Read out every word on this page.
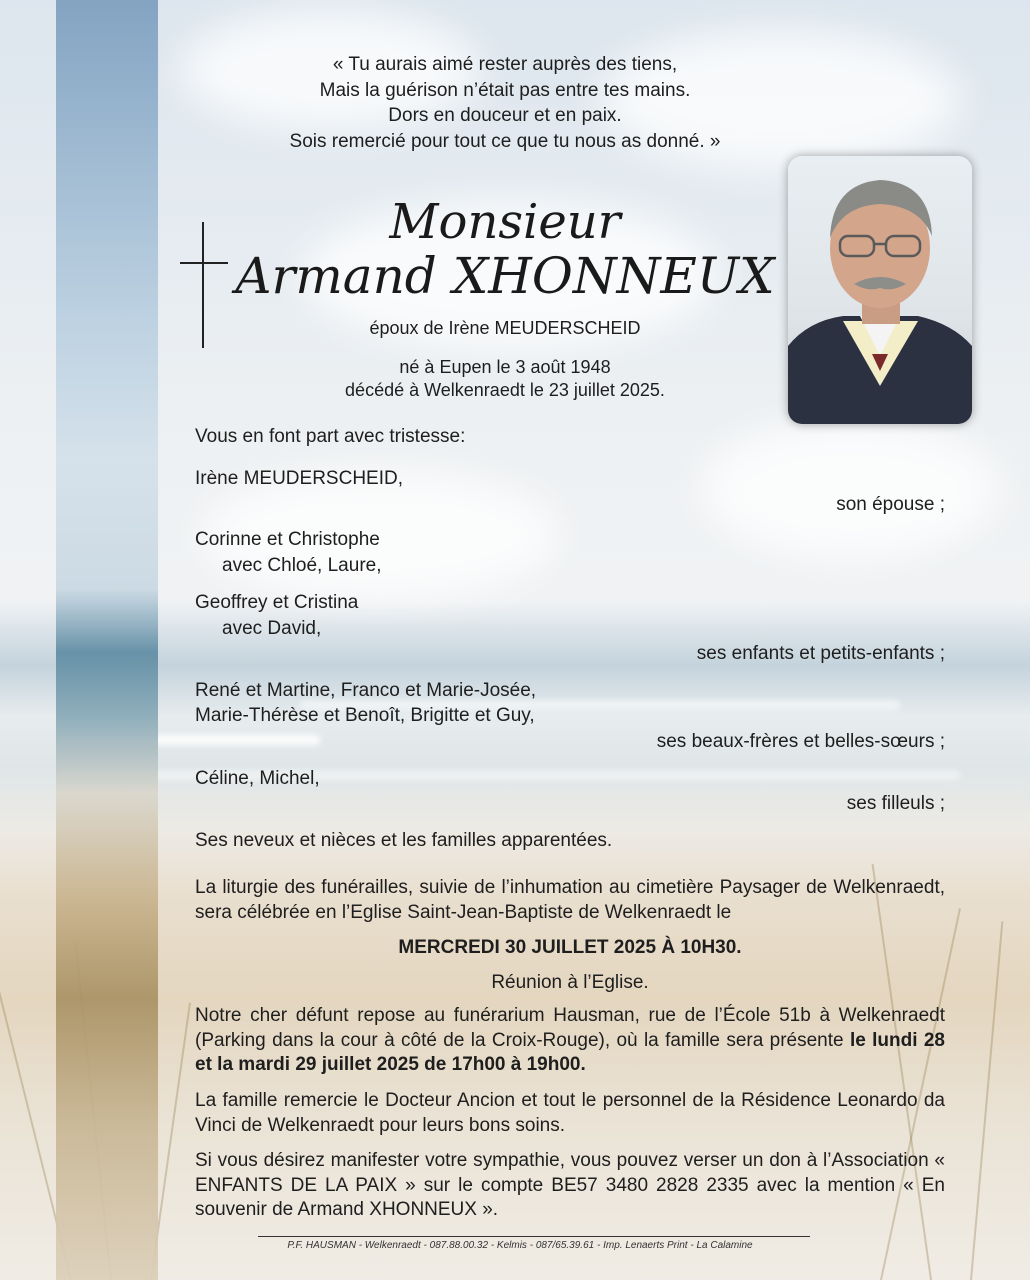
« Tu aurais aimé rester auprès des tiens,
Mais la guérison n’était pas entre tes mains.
Dors en douceur et en paix.
Sois remercié pour tout ce que tu nous as donné. »
Monsieur
Armand XHONNEUX
époux de Irène MEUDERSCHEID
né à Eupen le 3 août 1948
décédé à Welkenraedt le 23 juillet 2025.
Vous en font part avec tristesse:
Irène MEUDERSCHEID,
son épouse ;
Corinne et Christophe
avec Chloé, Laure,
Geoffrey et Cristina
avec David,
ses enfants et petits-enfants ;
René et Martine, Franco et Marie-Josée,
Marie-Thérèse et Benoît, Brigitte et Guy,
ses beaux-frères et belles-sœurs ;
Céline, Michel,
ses filleuls ;
Ses neveux et nièces et les familles apparentées.

La liturgie des funérailles, suivie de l’inhumation au cimetière Paysager de Welkenraedt, sera célébrée en l’Eglise Saint-Jean-Baptiste de Welkenraedt le

MERCREDI 30 JUILLET 2025 À 10H30.
Réunion à l’Eglise.

Notre cher défunt repose au funérarium Hausman, rue de l’École 51b à Welkenraedt (Parking dans la cour à côté de la Croix-Rouge), où la famille sera présente le lundi 28 et la mardi 29 juillet 2025 de 17h00 à 19h00.

La famille remercie le Docteur Ancion et tout le personnel de la Résidence Leonardo da Vinci de Welkenraedt pour leurs bons soins.

Si vous désirez manifester votre sympathie, vous pouvez verser un don à l’Association « ENFANTS DE LA PAIX » sur le compte BE57 3480 2828 2335 avec la mention « En souvenir de Armand XHONNEUX ».

P.F. HAUSMAN - Welkenraedt - 087.88.00.32 - Kelmis - 087/65.39.61 - Imp. Lenaerts Print - La Calamine
